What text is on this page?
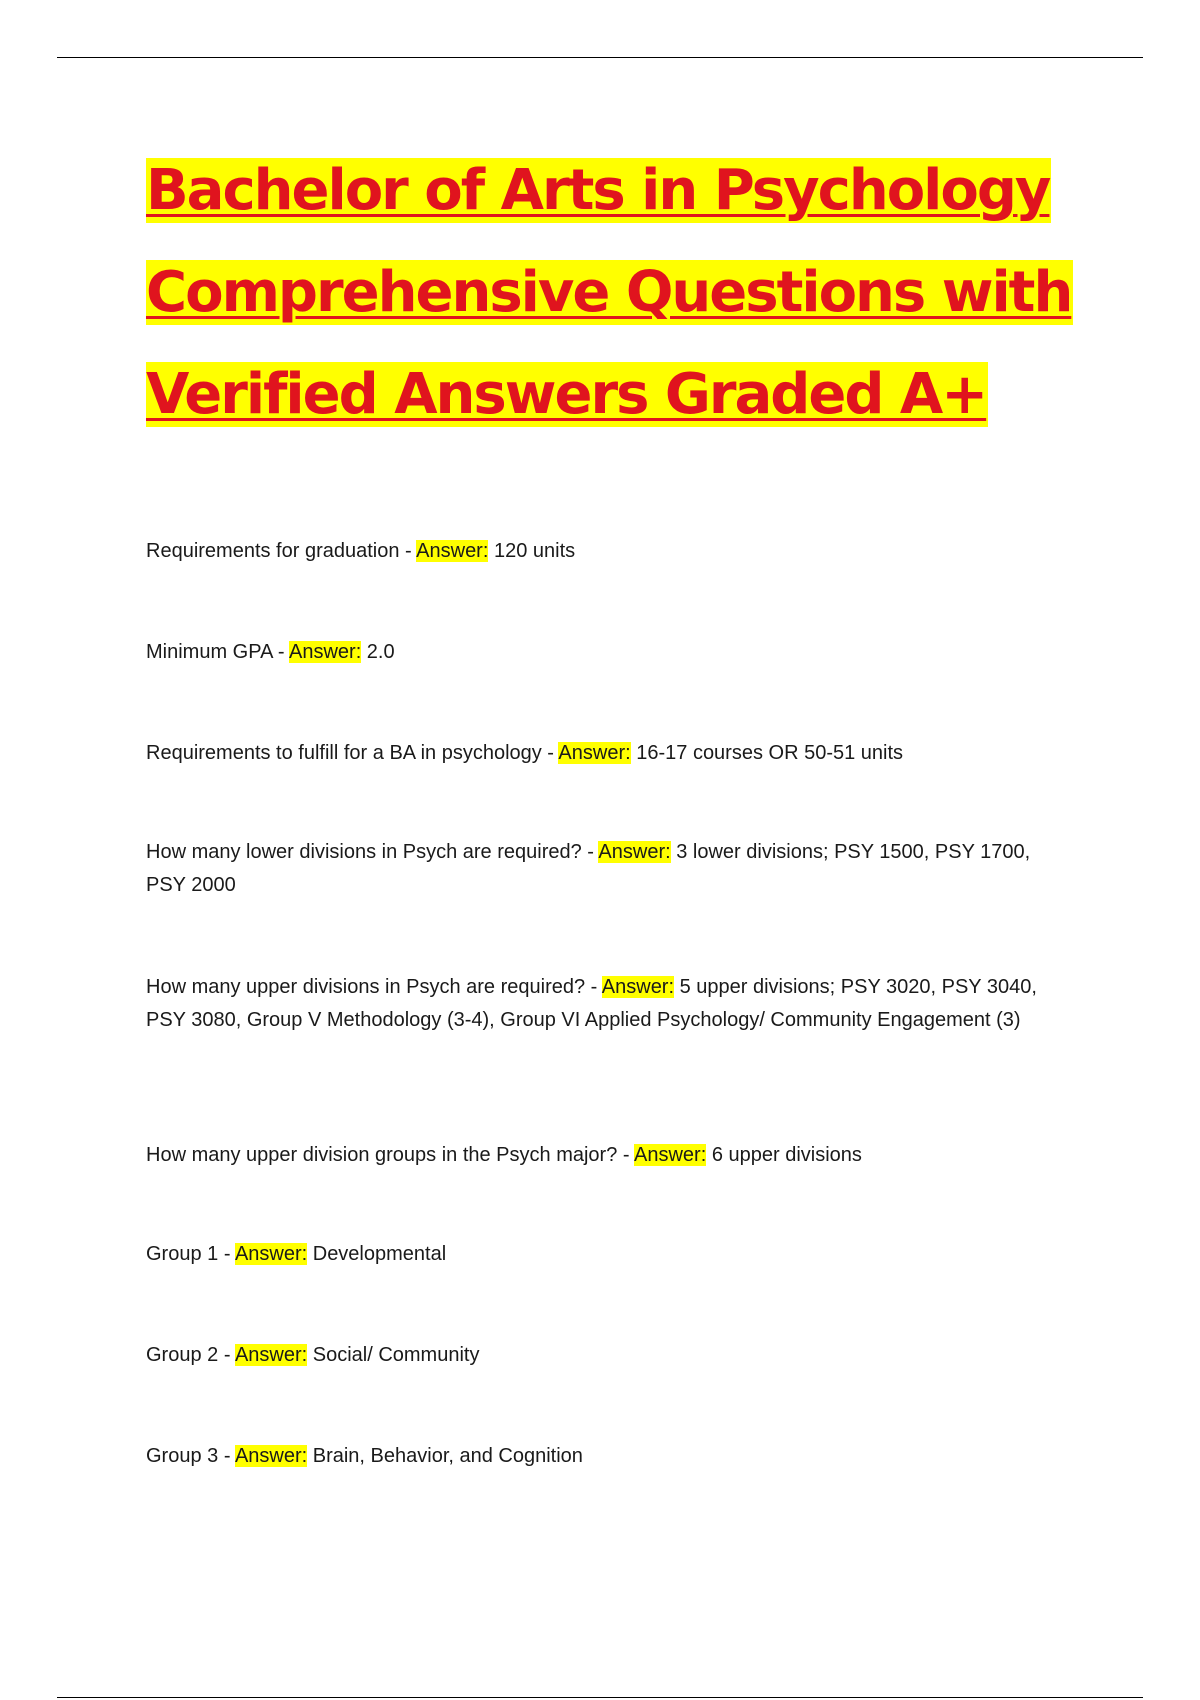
Bachelor of Arts in Psychology
Comprehensive Questions with
Verified Answers Graded A+

Requirements for graduation - Answer: 120 units

Minimum GPA - Answer: 2.0

Requirements to fulfill for a BA in psychology - Answer: 16-17 courses OR 50-51 units

How many lower divisions in Psych are required? - Answer: 3 lower divisions; PSY 1500, PSY 1700, PSY 2000

How many upper divisions in Psych are required? - Answer: 5 upper divisions; PSY 3020, PSY 3040, PSY 3080, Group V Methodology (3-4), Group VI Applied Psychology/ Community Engagement (3)

How many upper division groups in the Psych major? - Answer: 6 upper divisions

Group 1 - Answer: Developmental

Group 2 - Answer: Social/ Community

Group 3 - Answer: Brain, Behavior, and Cognition
